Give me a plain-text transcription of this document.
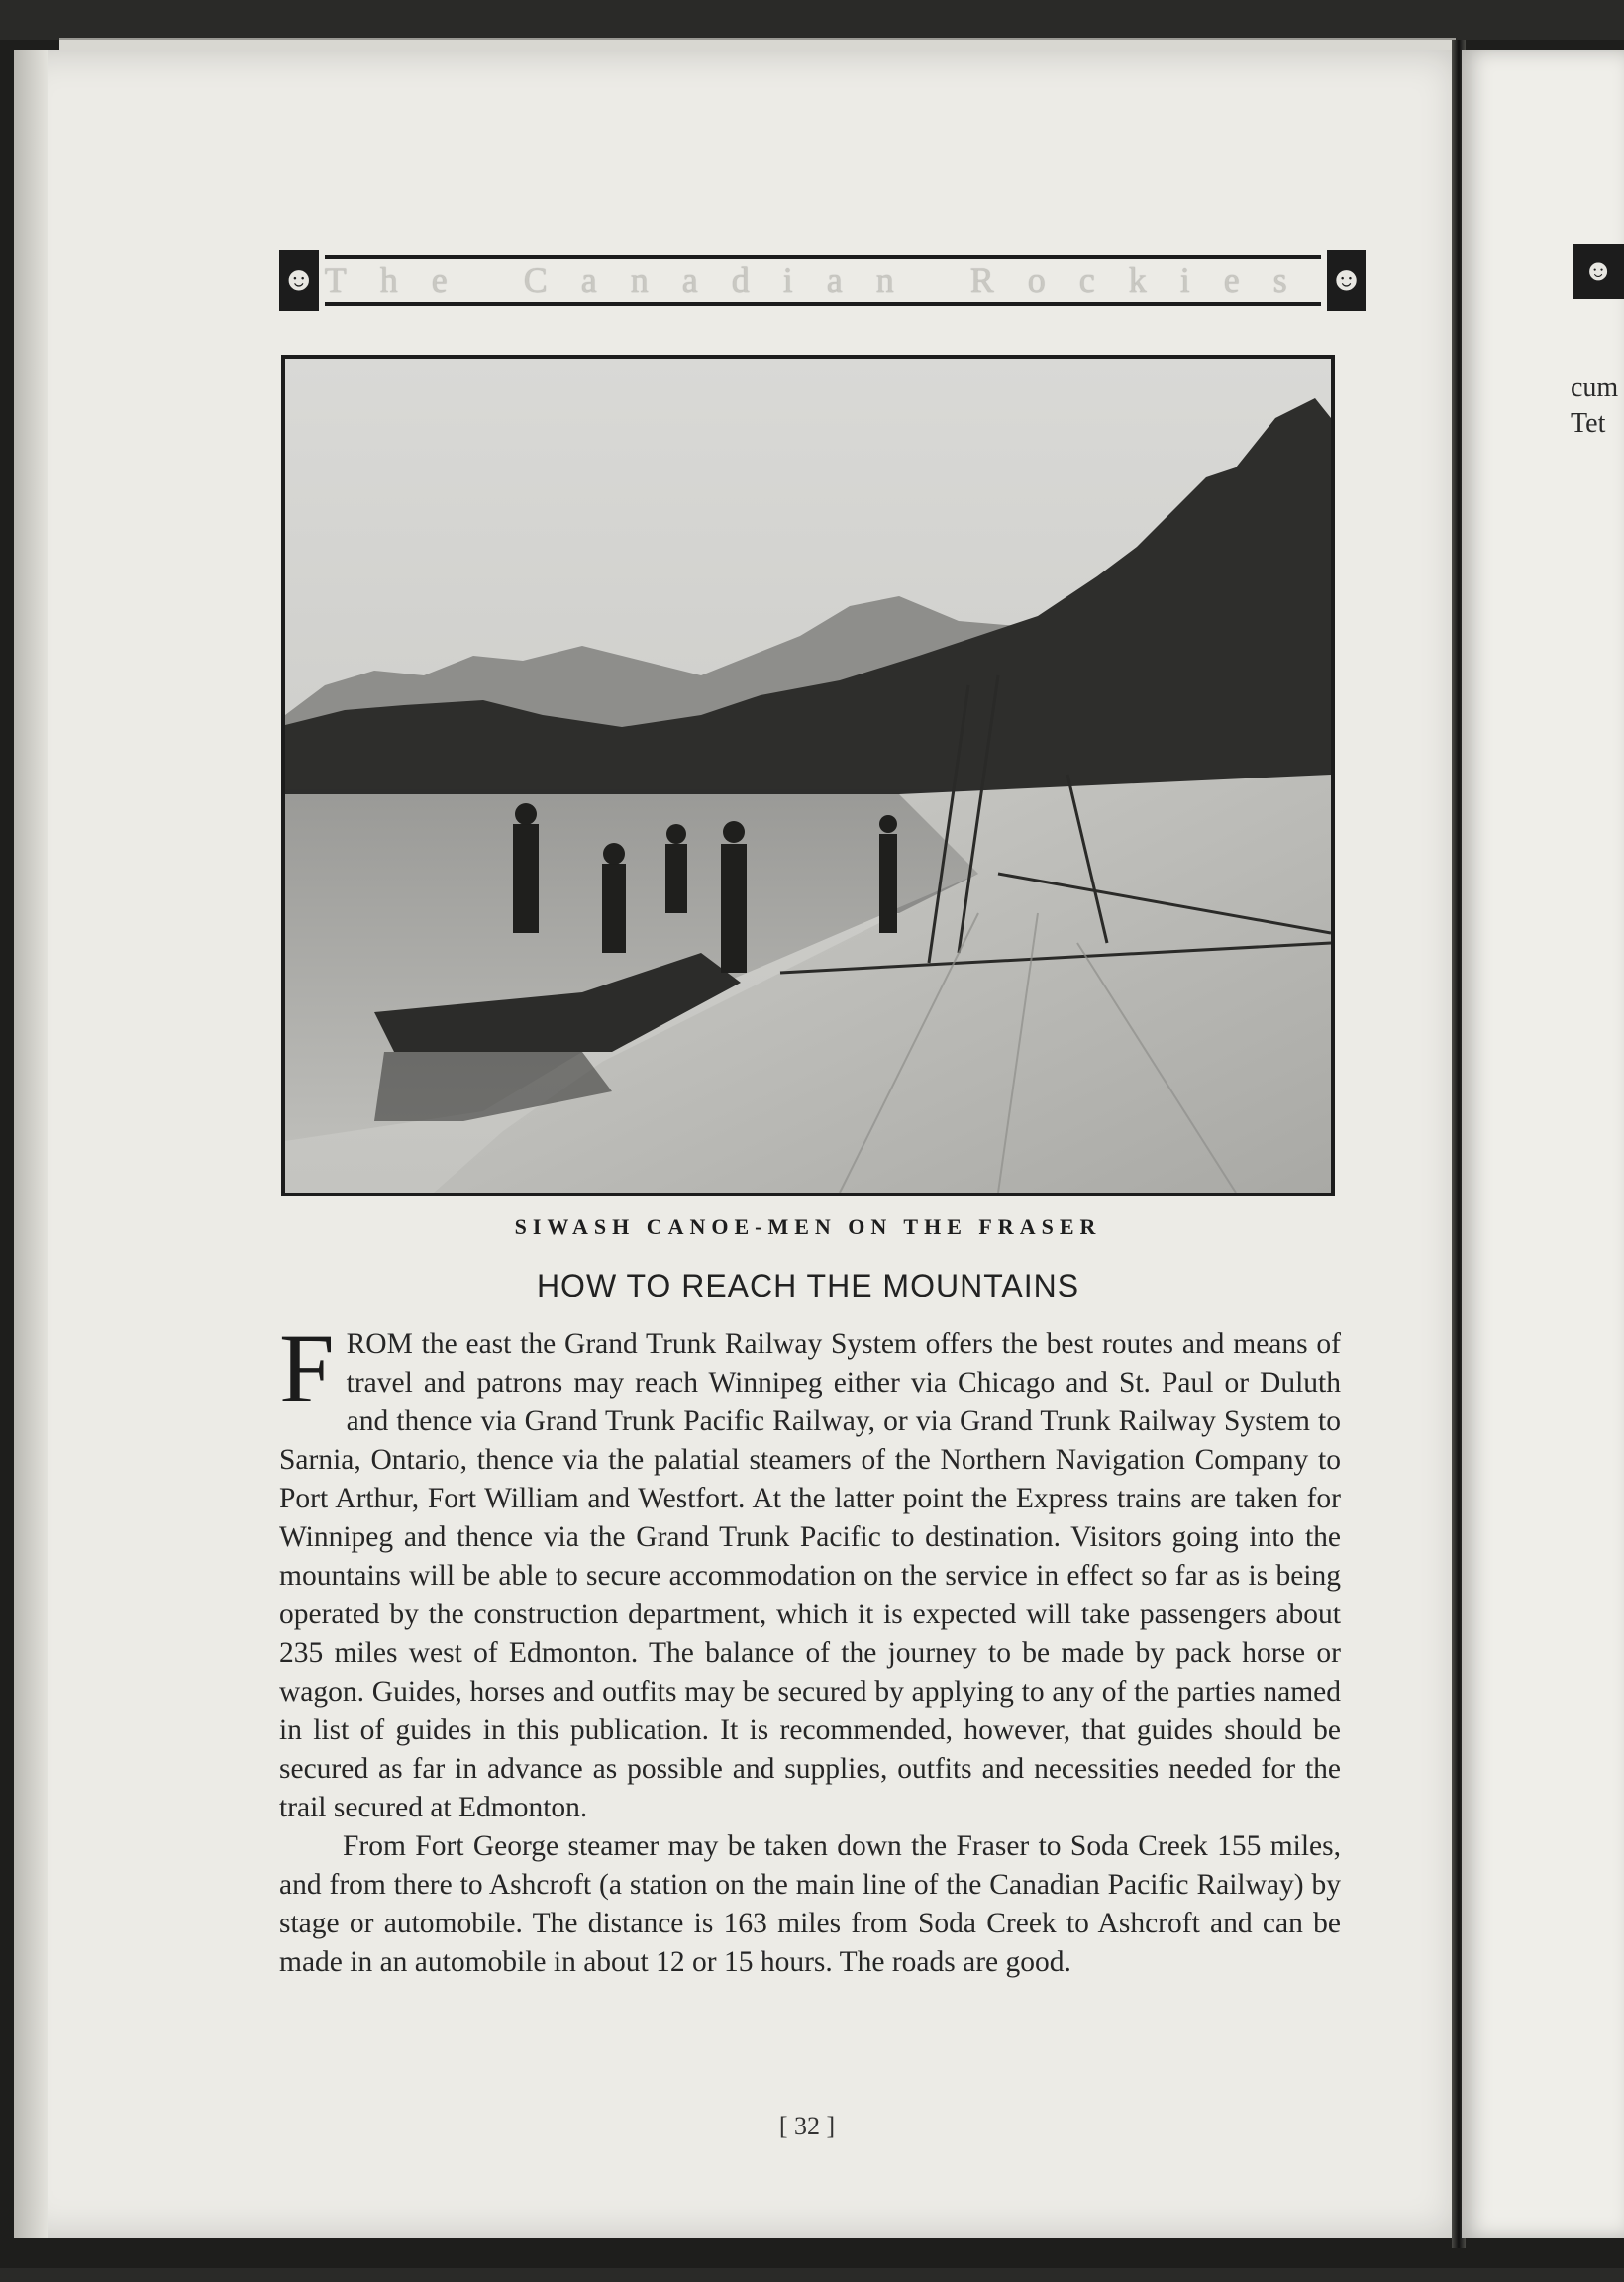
☻ The Canadian Rockies ☻
SIWASH CANOE-MEN ON THE FRASER
HOW TO REACH THE MOUNTAINS

FROM the east the Grand Trunk Railway System offers the best routes and means of travel and patrons may reach Winnipeg either via Chicago and St. Paul or Duluth and thence via Grand Trunk Pacific Railway, or via Grand Trunk Railway System to Sarnia, Ontario, thence via the palatial steamers of the Northern Navigation Company to Port Arthur, Fort William and Westfort. At the latter point the Express trains are taken for Winnipeg and thence via the Grand Trunk Pacific to destination. Visitors going into the mountains will be able to secure accommodation on the service in effect so far as is being operated by the construction department, which it is expected will take passengers about 235 miles west of Edmonton. The balance of the journey to be made by pack horse or wagon. Guides, horses and outfits may be secured by applying to any of the parties named in list of guides in this publication. It is recommended, however, that guides should be secured as far in advance as possible and supplies, outfits and necessities needed for the trail secured at Edmonton.

From Fort George steamer may be taken down the Fraser to Soda Creek 155 miles, and from there to Ashcroft (a station on the main line of the Canadian Pacific Railway) by stage or automobile. The distance is 163 miles from Soda Creek to Ashcroft and can be made in an automobile in about 12 or 15 hours. The roads are good.

[ 32 ]
☻
cum
Tet
